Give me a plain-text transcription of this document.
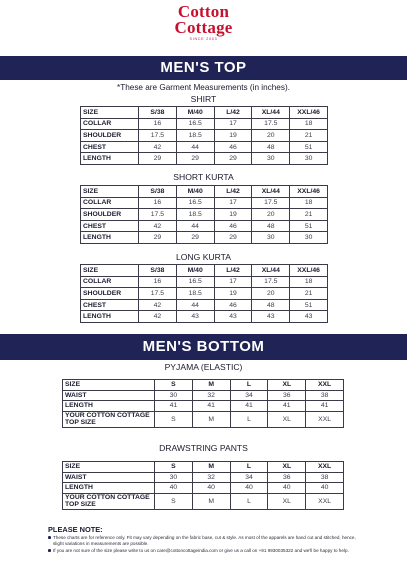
Cotton
Cottage
SINCE 2003
MEN'S TOP
*These are Garment Measurements (in inches).
SHIRT
SIZE	S/38	M/40	L/42	XL/44	XXL/46
COLLAR	16	16.5	17	17.5	18
SHOULDER	17.5	18.5	19	20	21
CHEST	42	44	46	48	51
LENGTH	29	29	29	30	30
SHORT KURTA
SIZE	S/38	M/40	L/42	XL/44	XXL/46
COLLAR	16	16.5	17	17.5	18
SHOULDER	17.5	18.5	19	20	21
CHEST	42	44	46	48	51
LENGTH	29	29	29	30	30
LONG KURTA
SIZE	S/38	M/40	L/42	XL/44	XXL/46
COLLAR	16	16.5	17	17.5	18
SHOULDER	17.5	18.5	19	20	21
CHEST	42	44	46	48	51
LENGTH	42	43	43	43	43
MEN'S BOTTOM
PYJAMA (ELASTIC)
SIZE	S	M	L	XL	XXL
WAIST	30	32	34	36	38
LENGTH	41	41	41	41	41
YOUR COTTON COTTAGE
TOP SIZE	S	M	L	XL	XXL
DRAWSTRING PANTS
SIZE	S	M	L	XL	XXL
WAIST	30	32	34	36	38
LENGTH	40	40	40	40	40
YOUR COTTON COTTAGE
TOP SIZE	S	M	L	XL	XXL
PLEASE NOTE:
These charts are for reference only. Fit may vary depending on the fabric base, cut & style. As most of the apparels are hand cut and stitched, hence, slight variations in measurements are possible.
If you are not sure of the size please write to us on care@cottoncottageindia.com or give us a call on +91 9930035322 and we'll be happy to help.
